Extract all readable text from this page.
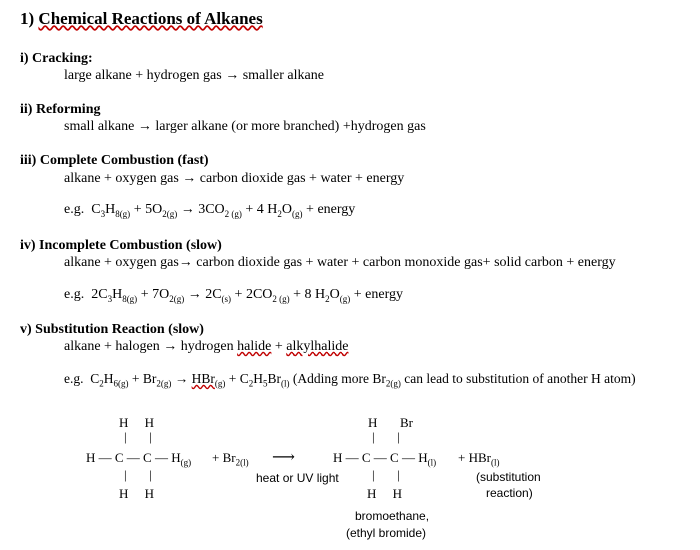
1) Chemical Reactions of Alkanes
i) Cracking:
large alkane + hydrogen gas → smaller alkane
ii) Reforming
small alkane → larger alkane (or more branched) +hydrogen gas
iii) Complete Combustion (fast)
alkane + oxygen gas → carbon dioxide gas + water + energy
e.g. $C_3H_{8(g)} + 5O_{2(g)} \to 3CO_{2 (g)} + 4$ $H_2O_{(g)}$ + energy
iv) Incomplete Combustion (slow)
alkane + oxygen gas→ carbon dioxide gas + water + carbon monoxide gas+ solid carbon + energy
e.g. $2C_3H_{8(g)} + 7O_{2(g)} \to 2C_{(s)} + 2CO_{2 (g)} + 8$ $H_2O_{(g)}$ + energy
v) Substitution Reaction (slow)
alkane + halogen → hydrogen halide + alkylhalide
e.g. $C_2H_{6(g)} + Br_{2(g)} \to HBr_{(g)} + C_2H_5Br_{(l)}$ (Adding more $Br_{2(g)}$ can lead to substitution of another H atom)
H     H
|       |
H — C — C — $H_{(g)}$
|       |
H     H
+ $Br_{2(l)}$ ⟶
heat or UV light
H Br
|       |
H — C — C — $H_{(l)} + HBr_{(l)}$
|       |
H     H
(substitution
reaction)
bromoethane,
(ethyl bromide)
